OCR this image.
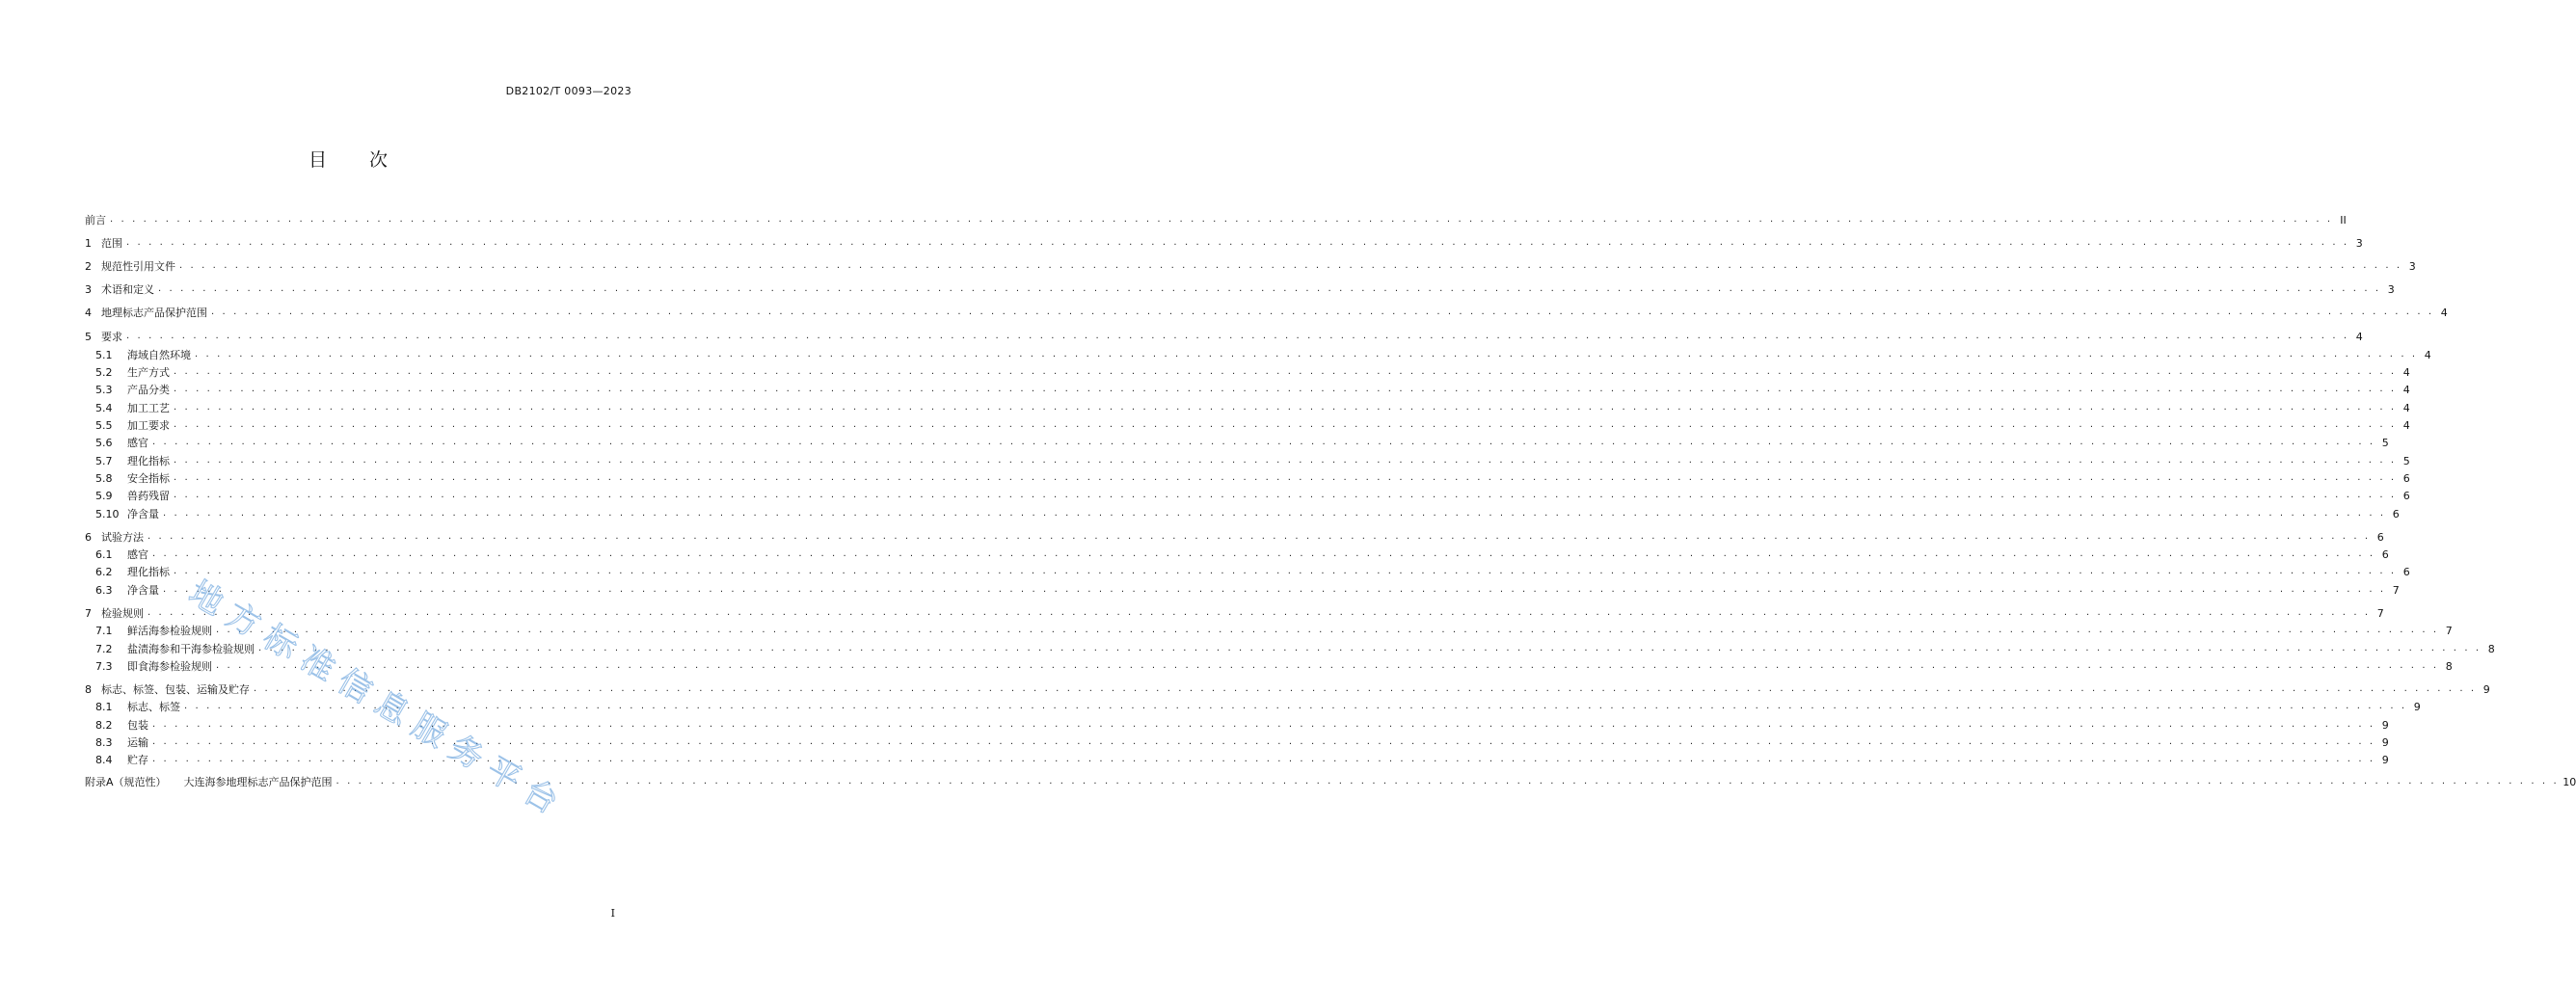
DB2102/T 0093—2023
目　　次
前言 . . . . . . . . . . . . . . . . . . . . . . . . . . . . . . . . . . . . . . . . . . . . . . . . . . . . . . . . . . . . . . . . . . . . . . . . . . . . . . . . . . . . . . . . . . . . . . . . . . . . . . . . . . . . . . . . . . . . . . . . . . . . . . . . . . . . . . . . . . . . . . . . . . . . . . . . . . . . . . . . . . . . . . . . . . . . . . . . . . . . . . . . . . . . . . . . . . . . . . . . II
1 范围 . . . . . . . . . . . . . . . . . . . . . . . . . . . . . . . . . . . . . . . . . . . . . . . . . . . . . . . . . . . . . . . . . . . . . . . . . . . . . . . . . . . . . . . . . . . . . . . . . . . . . . . . . . . . . . . . . . . . . . . . . . . . . . . . . . . . . . . . . . . . . . . . . . . . . . . . . . . . . . . . . . . . . . . . . . . . . . . . . . . . . . . . . . . . . . . . . . . . . . . . 3
2 规范性引用文件 . . . . . . . . . . . . . . . . . . . . . . . . . . . . . . . . . . . . . . . . . . . . . . . . . . . . . . . . . . . . . . . . . . . . . . . . . . . . . . . . . . . . . . . . . . . . . . . . . . . . . . . . . . . . . . . . . . . . . . . . . . . . . . . . . . . . . . . . . . . . . . . . . . . . . . . . . . . . . . . . . . . . . . . . . . . . . . . . . . . . . . . . . . . . . . . . . . . . . . . . 3
3 术语和定义 . . . . . . . . . . . . . . . . . . . . . . . . . . . . . . . . . . . . . . . . . . . . . . . . . . . . . . . . . . . . . . . . . . . . . . . . . . . . . . . . . . . . . . . . . . . . . . . . . . . . . . . . . . . . . . . . . . . . . . . . . . . . . . . . . . . . . . . . . . . . . . . . . . . . . . . . . . . . . . . . . . . . . . . . . . . . . . . . . . . . . . . . . . . . . . . . . . . . . . . . 3
4 地理标志产品保护范围 . . . . . . . . . . . . . . . . . . . . . . . . . . . . . . . . . . . . . . . . . . . . . . . . . . . . . . . . . . . . . . . . . . . . . . . . . . . . . . . . . . . . . . . . . . . . . . . . . . . . . . . . . . . . . . . . . . . . . . . . . . . . . . . . . . . . . . . . . . . . . . . . . . . . . . . . . . . . . . . . . . . . . . . . . . . . . . . . . . . . . . . . . . . . . . . . . . . . . . . . 4
5 要求 . . . . . . . . . . . . . . . . . . . . . . . . . . . . . . . . . . . . . . . . . . . . . . . . . . . . . . . . . . . . . . . . . . . . . . . . . . . . . . . . . . . . . . . . . . . . . . . . . . . . . . . . . . . . . . . . . . . . . . . . . . . . . . . . . . . . . . . . . . . . . . . . . . . . . . . . . . . . . . . . . . . . . . . . . . . . . . . . . . . . . . . . . . . . . . . . . . . . . . . . 4
5.1	海域自然环境 . . . . . . . . . . . . . . . . . . . . . . . . . . . . . . . . . . . . . . . . . . . . . . . . . . . . . . . . . . . . . . . . . . . . . . . . . . . . . . . . . . . . . . . . . . . . . . . . . . . . . . . . . . . . . . . . . . . . . . . . . . . . . . . . . . . . . . . . . . . . . . . . . . . . . . . . . . . . . . . . . . . . . . . . . . . . . . . . . . . . . . . . . . . . . . . . . . . . . . . . 4
5.2	生产方式 . . . . . . . . . . . . . . . . . . . . . . . . . . . . . . . . . . . . . . . . . . . . . . . . . . . . . . . . . . . . . . . . . . . . . . . . . . . . . . . . . . . . . . . . . . . . . . . . . . . . . . . . . . . . . . . . . . . . . . . . . . . . . . . . . . . . . . . . . . . . . . . . . . . . . . . . . . . . . . . . . . . . . . . . . . . . . . . . . . . . . . . . . . . . . . . . . . . . . . . . 4
5.3	产品分类 . . . . . . . . . . . . . . . . . . . . . . . . . . . . . . . . . . . . . . . . . . . . . . . . . . . . . . . . . . . . . . . . . . . . . . . . . . . . . . . . . . . . . . . . . . . . . . . . . . . . . . . . . . . . . . . . . . . . . . . . . . . . . . . . . . . . . . . . . . . . . . . . . . . . . . . . . . . . . . . . . . . . . . . . . . . . . . . . . . . . . . . . . . . . . . . . . . . . . . . . 4
5.4	加工工艺 . . . . . . . . . . . . . . . . . . . . . . . . . . . . . . . . . . . . . . . . . . . . . . . . . . . . . . . . . . . . . . . . . . . . . . . . . . . . . . . . . . . . . . . . . . . . . . . . . . . . . . . . . . . . . . . . . . . . . . . . . . . . . . . . . . . . . . . . . . . . . . . . . . . . . . . . . . . . . . . . . . . . . . . . . . . . . . . . . . . . . . . . . . . . . . . . . . . . . . . . 4
5.5	加工要求 . . . . . . . . . . . . . . . . . . . . . . . . . . . . . . . . . . . . . . . . . . . . . . . . . . . . . . . . . . . . . . . . . . . . . . . . . . . . . . . . . . . . . . . . . . . . . . . . . . . . . . . . . . . . . . . . . . . . . . . . . . . . . . . . . . . . . . . . . . . . . . . . . . . . . . . . . . . . . . . . . . . . . . . . . . . . . . . . . . . . . . . . . . . . . . . . . . . . . . . . 4
5.6	感官 . . . . . . . . . . . . . . . . . . . . . . . . . . . . . . . . . . . . . . . . . . . . . . . . . . . . . . . . . . . . . . . . . . . . . . . . . . . . . . . . . . . . . . . . . . . . . . . . . . . . . . . . . . . . . . . . . . . . . . . . . . . . . . . . . . . . . . . . . . . . . . . . . . . . . . . . . . . . . . . . . . . . . . . . . . . . . . . . . . . . . . . . . . . . . . . . . . . . . . . . 5
5.7	理化指标 . . . . . . . . . . . . . . . . . . . . . . . . . . . . . . . . . . . . . . . . . . . . . . . . . . . . . . . . . . . . . . . . . . . . . . . . . . . . . . . . . . . . . . . . . . . . . . . . . . . . . . . . . . . . . . . . . . . . . . . . . . . . . . . . . . . . . . . . . . . . . . . . . . . . . . . . . . . . . . . . . . . . . . . . . . . . . . . . . . . . . . . . . . . . . . . . . . . . . . . . 5
5.8	安全指标 . . . . . . . . . . . . . . . . . . . . . . . . . . . . . . . . . . . . . . . . . . . . . . . . . . . . . . . . . . . . . . . . . . . . . . . . . . . . . . . . . . . . . . . . . . . . . . . . . . . . . . . . . . . . . . . . . . . . . . . . . . . . . . . . . . . . . . . . . . . . . . . . . . . . . . . . . . . . . . . . . . . . . . . . . . . . . . . . . . . . . . . . . . . . . . . . . . . . . . . . 6
5.9	兽药残留 . . . . . . . . . . . . . . . . . . . . . . . . . . . . . . . . . . . . . . . . . . . . . . . . . . . . . . . . . . . . . . . . . . . . . . . . . . . . . . . . . . . . . . . . . . . . . . . . . . . . . . . . . . . . . . . . . . . . . . . . . . . . . . . . . . . . . . . . . . . . . . . . . . . . . . . . . . . . . . . . . . . . . . . . . . . . . . . . . . . . . . . . . . . . . . . . . . . . . . . . 6
5.10 净含量 . . . . . . . . . . . . . . . . . . . . . . . . . . . . . . . . . . . . . . . . . . . . . . . . . . . . . . . . . . . . . . . . . . . . . . . . . . . . . . . . . . . . . . . . . . . . . . . . . . . . . . . . . . . . . . . . . . . . . . . . . . . . . . . . . . . . . . . . . . . . . . . . . . . . . . . . . . . . . . . . . . . . . . . . . . . . . . . . . . . . . . . . . . . . . . . . . . . . . . . . 6
6 试验方法 . . . . . . . . . . . . . . . . . . . . . . . . . . . . . . . . . . . . . . . . . . . . . . . . . . . . . . . . . . . . . . . . . . . . . . . . . . . . . . . . . . . . . . . . . . . . . . . . . . . . . . . . . . . . . . . . . . . . . . . . . . . . . . . . . . . . . . . . . . . . . . . . . . . . . . . . . . . . . . . . . . . . . . . . . . . . . . . . . . . . . . . . . . . . . . . . . . . . . . . . 6
6.1	感官 . . . . . . . . . . . . . . . . . . . . . . . . . . . . . . . . . . . . . . . . . . . . . . . . . . . . . . . . . . . . . . . . . . . . . . . . . . . . . . . . . . . . . . . . . . . . . . . . . . . . . . . . . . . . . . . . . . . . . . . . . . . . . . . . . . . . . . . . . . . . . . . . . . . . . . . . . . . . . . . . . . . . . . . . . . . . . . . . . . . . . . . . . . . . . . . . . . . . . . . . 6
6.2	理化指标 . . . . . . . . . . . . . . . . . . . . . . . . . . . . . . . . . . . . . . . . . . . . . . . . . . . . . . . . . . . . . . . . . . . . . . . . . . . . . . . . . . . . . . . . . . . . . . . . . . . . . . . . . . . . . . . . . . . . . . . . . . . . . . . . . . . . . . . . . . . . . . . . . . . . . . . . . . . . . . . . . . . . . . . . . . . . . . . . . . . . . . . . . . . . . . . . . . . . . . . . 6
6.3	净含量 . . . . . . . . . . . . . . . . . . . . . . . . . . . . . . . . . . . . . . . . . . . . . . . . . . . . . . . . . . . . . . . . . . . . . . . . . . . . . . . . . . . . . . . . . . . . . . . . . . . . . . . . . . . . . . . . . . . . . . . . . . . . . . . . . . . . . . . . . . . . . . . . . . . . . . . . . . . . . . . . . . . . . . . . . . . . . . . . . . . . . . . . . . . . . . . . . . . . . . . . 7
7 检验规则 . . . . . . . . . . . . . . . . . . . . . . . . . . . . . . . . . . . . . . . . . . . . . . . . . . . . . . . . . . . . . . . . . . . . . . . . . . . . . . . . . . . . . . . . . . . . . . . . . . . . . . . . . . . . . . . . . . . . . . . . . . . . . . . . . . . . . . . . . . . . . . . . . . . . . . . . . . . . . . . . . . . . . . . . . . . . . . . . . . . . . . . . . . . . . . . . . . . . . . . . 7
7.1	鲜活海参检验规则 . . . . . . . . . . . . . . . . . . . . . . . . . . . . . . . . . . . . . . . . . . . . . . . . . . . . . . . . . . . . . . . . . . . . . . . . . . . . . . . . . . . . . . . . . . . . . . . . . . . . . . . . . . . . . . . . . . . . . . . . . . . . . . . . . . . . . . . . . . . . . . . . . . . . . . . . . . . . . . . . . . . . . . . . . . . . . . . . . . . . . . . . . . . . . . . . . . . . . . . . 7
7.2	盐渍海参和干海参检验规则 . . . . . . . . . . . . . . . . . . . . . . . . . . . . . . . . . . . . . . . . . . . . . . . . . . . . . . . . . . . . . . . . . . . . . . . . . . . . . . . . . . . . . . . . . . . . . . . . . . . . . . . . . . . . . . . . . . . . . . . . . . . . . . . . . . . . . . . . . . . . . . . . . . . . . . . . . . . . . . . . . . . . . . . . . . . . . . . . . . . . . . . . . . . . . . . . . . . . . . . . 8
7.3	即食海参检验规则 . . . . . . . . . . . . . . . . . . . . . . . . . . . . . . . . . . . . . . . . . . . . . . . . . . . . . . . . . . . . . . . . . . . . . . . . . . . . . . . . . . . . . . . . . . . . . . . . . . . . . . . . . . . . . . . . . . . . . . . . . . . . . . . . . . . . . . . . . . . . . . . . . . . . . . . . . . . . . . . . . . . . . . . . . . . . . . . . . . . . . . . . . . . . . . . . . . . . . . . . 8
8 标志、标签、包装、运输及贮存 . . . . . . . . . . . . . . . . . . . . . . . . . . . . . . . . . . . . . . . . . . . . . . . . . . . . . . . . . . . . . . . . . . . . . . . . . . . . . . . . . . . . . . . . . . . . . . . . . . . . . . . . . . . . . . . . . . . . . . . . . . . . . . . . . . . . . . . . . . . . . . . . . . . . . . . . . . . . . . . . . . . . . . . . . . . . . . . . . . . . . . . . . . . . . . . . . . . . . . . . 9
8.1	标志、标签 . . . . . . . . . . . . . . . . . . . . . . . . . . . . . . . . . . . . . . . . . . . . . . . . . . . . . . . . . . . . . . . . . . . . . . . . . . . . . . . . . . . . . . . . . . . . . . . . . . . . . . . . . . . . . . . . . . . . . . . . . . . . . . . . . . . . . . . . . . . . . . . . . . . . . . . . . . . . . . . . . . . . . . . . . . . . . . . . . . . . . . . . . . . . . . . . . . . . . . . . 9
8.2	包装 . . . . . . . . . . . . . . . . . . . . . . . . . . . . . . . . . . . . . . . . . . . . . . . . . . . . . . . . . . . . . . . . . . . . . . . . . . . . . . . . . . . . . . . . . . . . . . . . . . . . . . . . . . . . . . . . . . . . . . . . . . . . . . . . . . . . . . . . . . . . . . . . . . . . . . . . . . . . . . . . . . . . . . . . . . . . . . . . . . . . . . . . . . . . . . . . . . . . . . . . 9
8.3	运输 . . . . . . . . . . . . . . . . . . . . . . . . . . . . . . . . . . . . . . . . . . . . . . . . . . . . . . . . . . . . . . . . . . . . . . . . . . . . . . . . . . . . . . . . . . . . . . . . . . . . . . . . . . . . . . . . . . . . . . . . . . . . . . . . . . . . . . . . . . . . . . . . . . . . . . . . . . . . . . . . . . . . . . . . . . . . . . . . . . . . . . . . . . . . . . . . . . . . . . . . 9
8.4	贮存 . . . . . . . . . . . . . . . . . . . . . . . . . . . . . . . . . . . . . . . . . . . . . . . . . . . . . . . . . . . . . . . . . . . . . . . . . . . . . . . . . . . . . . . . . . . . . . . . . . . . . . . . . . . . . . . . . . . . . . . . . . . . . . . . . . . . . . . . . . . . . . . . . . . . . . . . . . . . . . . . . . . . . . . . . . . . . . . . . . . . . . . . . . . . . . . . . . . . . . . . 9
附录A（规范性） 大连海参地理标志产品保护范围 . . . . . . . . . . . . . . . . . . . . . . . . . . . . . . . . . . . . . . . . . . . . . . . . . . . . . . . . . . . . . . . . . . . . . . . . . . . . . . . . . . . . . . . . . . . . . . . . . . . . . . . . . . . . . . . . . . . . . . . . . . . . . . . . . . . . . . . . . . . . . . . . . . . . . . . . . . . . . . . . . . . . . . . . . . . . . . . . . . . . . . . . . . . . . . . . . . . . . . . . 10
地
方
标
准
信
息
服
务
平
台
I
